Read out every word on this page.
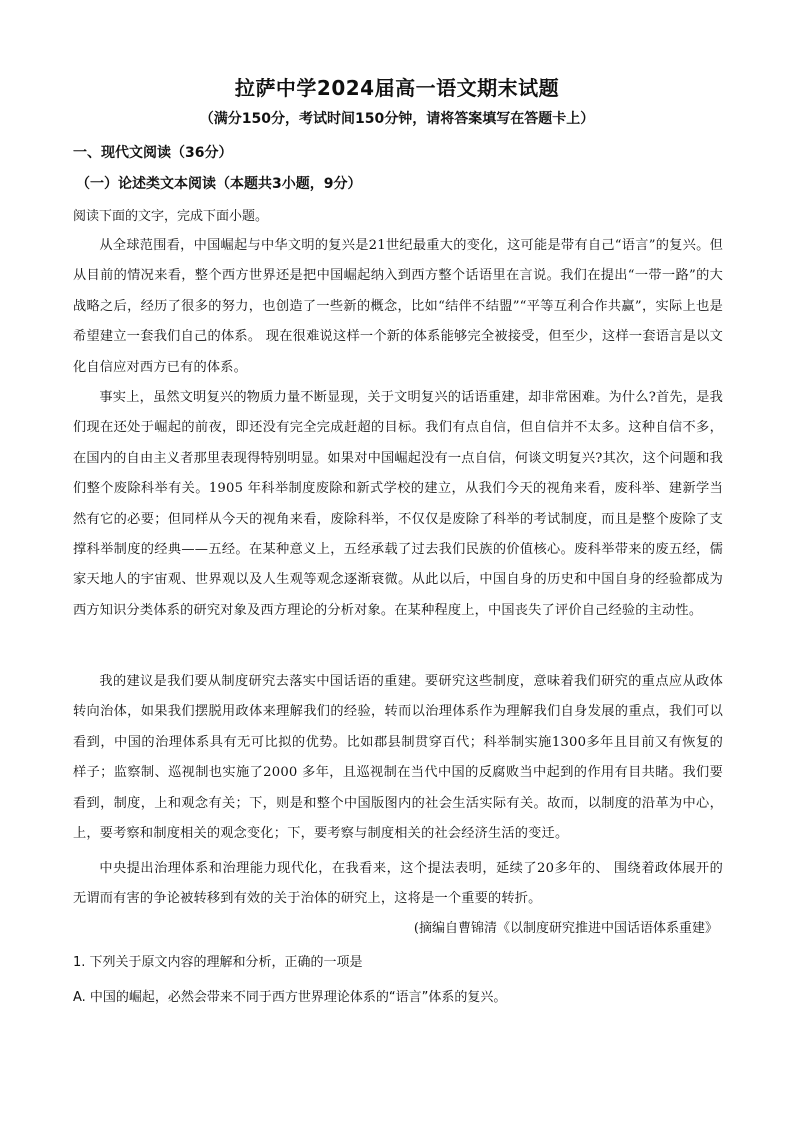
拉萨中学2024届高一语文期末试题
（满分150分，考试时间150分钟，请将答案填写在答题卡上）
一、现代文阅读（36分）
（一）论述类文本阅读（本题共3小题，9分）
阅读下面的文字，完成下面小题。
从全球范围看，中国崛起与中华文明的复兴是21世纪最重大的变化，这可能是带有自己“语言”的复兴。但从目前的情况来看，整个西方世界还是把中国崛起纳入到西方整个话语里在言说。我们在提出“一带一路”的大战略之后，经历了很多的努力，也创造了一些新的概念，比如“结伴不结盟”“平等互利合作共赢”，实际上也是希望建立一套我们自己的体系。 现在很难说这样一个新的体系能够完全被接受，但至少，这样一套语言是以文化自信应对西方已有的体系。
事实上，虽然文明复兴的物质力量不断显现，关于文明复兴的话语重建，却非常困难。为什么?首先，是我们现在还处于崛起的前夜，即还没有完全完成赶超的目标。我们有点自信，但自信并不太多。这种自信不多，在国内的自由主义者那里表现得特别明显。如果对中国崛起没有一点自信，何谈文明复兴?其次，这个问题和我们整个废除科举有关。1905 年科举制度废除和新式学校的建立，从我们今天的视角来看，废科举、建新学当然有它的必要；但同样从今天的视角来看，废除科举，不仅仅是废除了科举的考试制度，而且是整个废除了支撑科举制度的经典——五经。在某种意义上，五经承载了过去我们民族的价值核心。废科举带来的废五经，儒家天地人的宇宙观、世界观以及人生观等观念逐渐衰微。从此以后，中国自身的历史和中国自身的经验都成为西方知识分类体系的研究对象及西方理论的分析对象。在某种程度上，中国丧失了评价自己经验的主动性。
我的建议是我们要从制度研究去落实中国话语的重建。要研究这些制度，意味着我们研究的重点应从政体转向治体，如果我们摆脱用政体来理解我们的经验，转而以治理体系作为理解我们自身发展的重点，我们可以看到，中国的治理体系具有无可比拟的优势。比如郡县制贯穿百代；科举制实施1300多年且目前又有恢复的样子；监察制、巡视制也实施了2000 多年，且巡视制在当代中国的反腐败当中起到的作用有目共睹。我们要看到，制度，上和观念有关；下，则是和整个中国版图内的社会生活实际有关。故而，以制度的沿革为中心，上，要考察和制度相关的观念变化；下，要考察与制度相关的社会经济生活的变迁。
中央提出治理体系和治理能力现代化，在我看来，这个提法表明，延续了20多年的、 围绕着政体展开的无谓而有害的争论被转移到有效的关于治体的研究上，这将是一个重要的转折。
(摘编自曹锦清《以制度研究推进中国话语体系重建》
1. 下列关于原文内容的理解和分析，正确的一项是
A. 中国的崛起，必然会带来不同于西方世界理论体系的“语言”体系的复兴。
